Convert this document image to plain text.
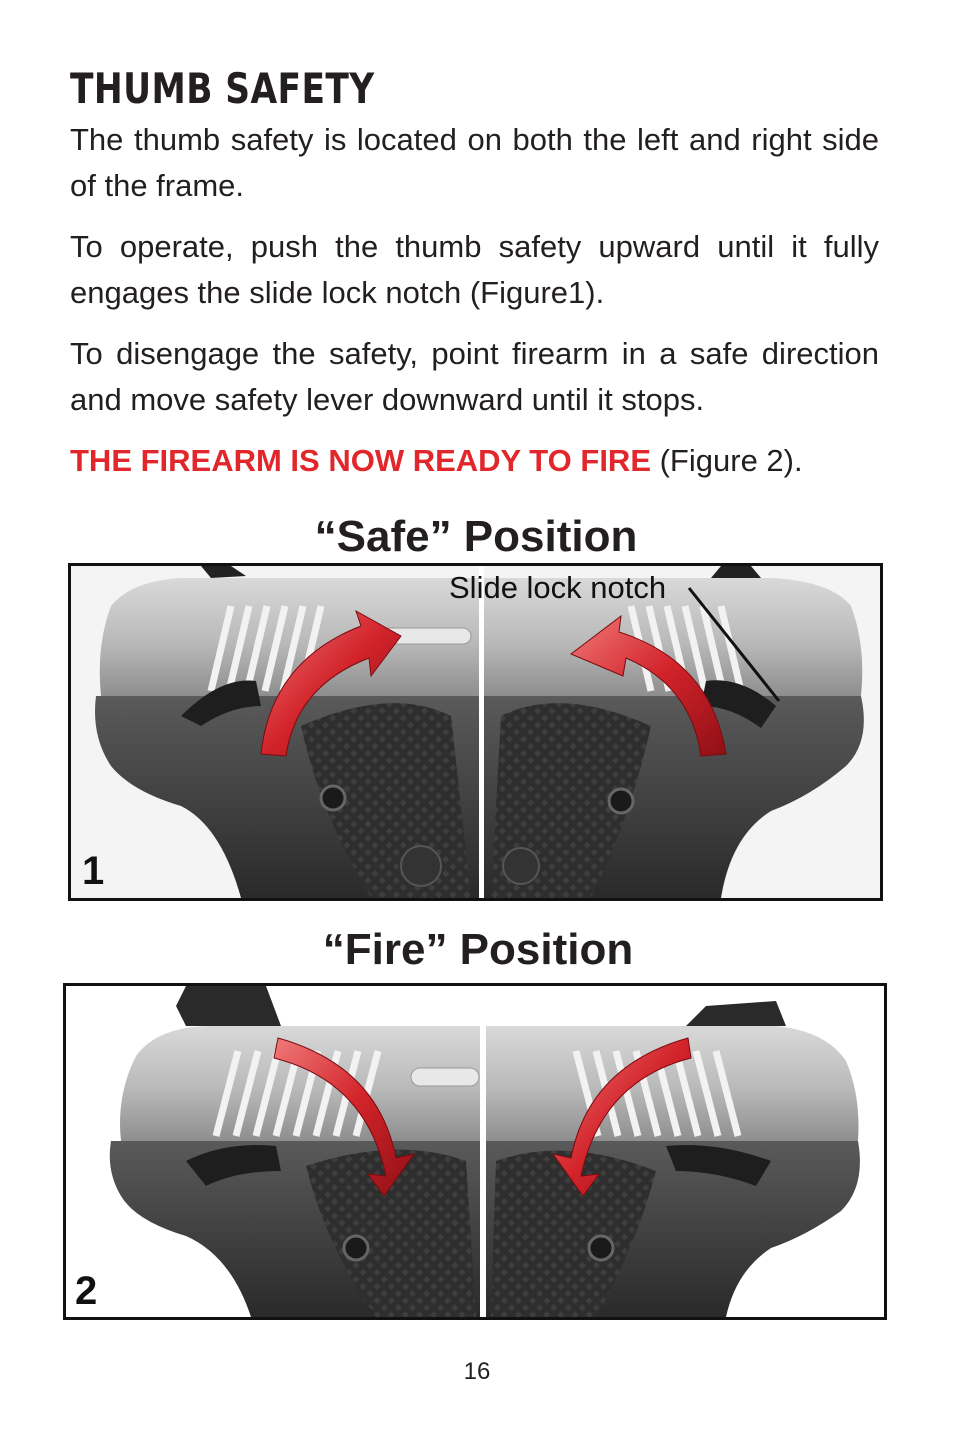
THUMB SAFETY

The thumb safety is located on both the left and right side of the frame.

To operate, push the thumb safety upward until it fully engages the slide lock notch (Figure1).

To disengage the safety, point firearm in a safe direction and move safety lever downward until it stops.

THE FIREARM IS NOW READY TO FIRE (Figure 2).

“Safe” Position
Slide lock notch
1
“Fire” Position
2
16
